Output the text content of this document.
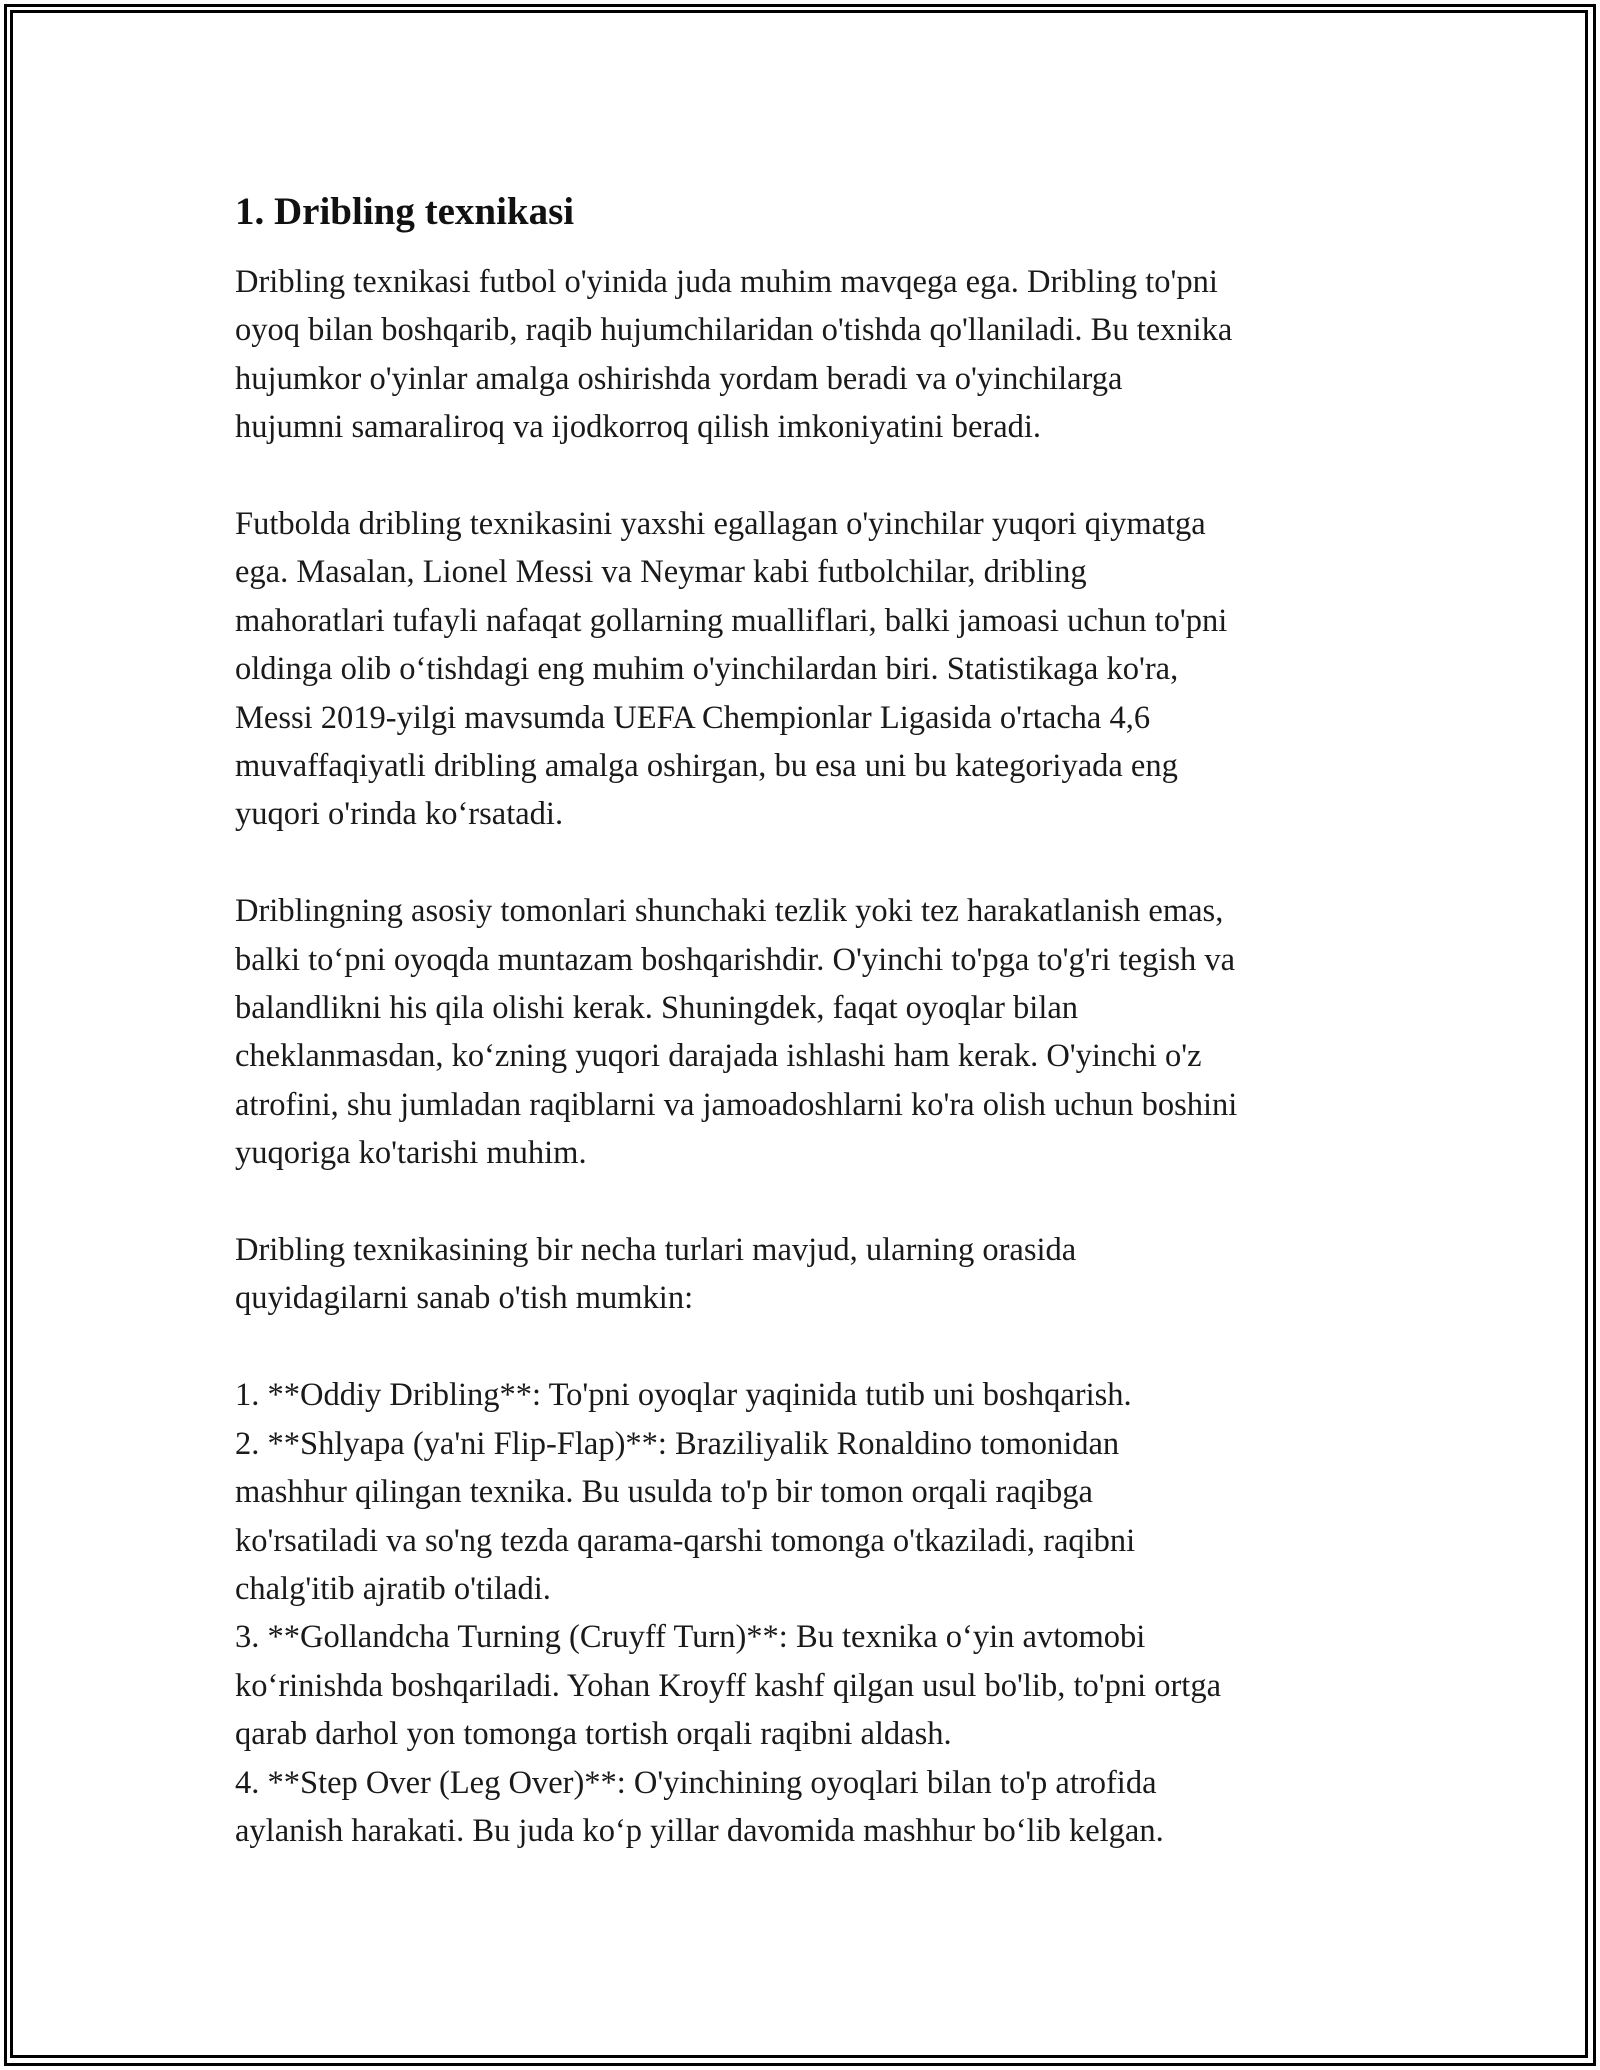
1. Dribling texnikasi

Dribling texnikasi futbol o'yinida juda muhim mavqega ega. Dribling to'pni
oyoq bilan boshqarib, raqib hujumchilaridan o'tishda qo'llaniladi. Bu texnika
hujumkor o'yinlar amalga oshirishda yordam beradi va o'yinchilarga
hujumni samaraliroq va ijodkorroq qilish imkoniyatini beradi.

Futbolda dribling texnikasini yaxshi egallagan o'yinchilar yuqori qiymatga
ega. Masalan, Lionel Messi va Neymar kabi futbolchilar, dribling
mahoratlari tufayli nafaqat gollarning mualliflari, balki jamoasi uchun to'pni
oldinga olib o‘tishdagi eng muhim o'yinchilardan biri. Statistikaga ko'ra,
Messi 2019-yilgi mavsumda UEFA Chempionlar Ligasida o'rtacha 4,6
muvaffaqiyatli dribling amalga oshirgan, bu esa uni bu kategoriyada eng
yuqori o'rinda ko‘rsatadi.

Driblingning asosiy tomonlari shunchaki tezlik yoki tez harakatlanish emas,
balki to‘pni oyoqda muntazam boshqarishdir. O'yinchi to'pga to'g'ri tegish va
balandlikni his qila olishi kerak. Shuningdek, faqat oyoqlar bilan
cheklanmasdan, ko‘zning yuqori darajada ishlashi ham kerak. O'yinchi o'z
atrofini, shu jumladan raqiblarni va jamoadoshlarni ko'ra olish uchun boshini
yuqoriga ko'tarishi muhim.

Dribling texnikasining bir necha turlari mavjud, ularning orasida
quyidagilarni sanab o'tish mumkin:

1. **Oddiy Dribling**: To'pni oyoqlar yaqinida tutib uni boshqarish.
2. **Shlyapa (ya'ni Flip-Flap)**: Braziliyalik Ronaldino tomonidan
mashhur qilingan texnika. Bu usulda to'p bir tomon orqali raqibga
ko'rsatiladi va so'ng tezda qarama-qarshi tomonga o'tkaziladi, raqibni
chalg'itib ajratib o'tiladi.
3. **Gollandcha Turning (Cruyff Turn)**: Bu texnika o‘yin avtomobi
ko‘rinishda boshqariladi. Yohan Kroyff kashf qilgan usul bo'lib, to'pni ortga
qarab darhol yon tomonga tortish orqali raqibni aldash.
4. **Step Over (Leg Over)**: O'yinchining oyoqlari bilan to'p atrofida
aylanish harakati. Bu juda ko‘p yillar davomida mashhur bo‘lib kelgan.
